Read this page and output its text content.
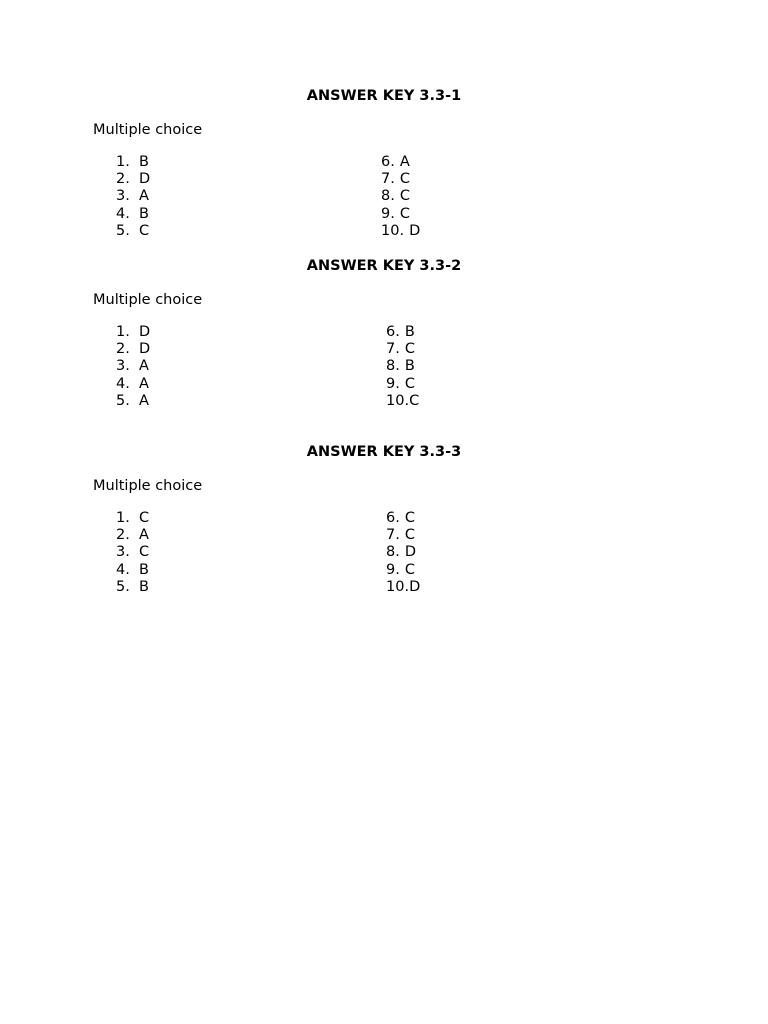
ANSWER KEY 3.3-1
Multiple choice
1. B
2. D
3. A
4. B
5. C
6. A
7. C
8. C
9. C
10. D
ANSWER KEY 3.3-2
Multiple choice
1. D
2. D
3. A
4. A
5. A
6. B
7. C
8. B
9. C
10.C
ANSWER KEY 3.3-3
Multiple choice
1. C
2. A
3. C
4. B
5. B
6. C
7. C
8. D
9. C
10.D
